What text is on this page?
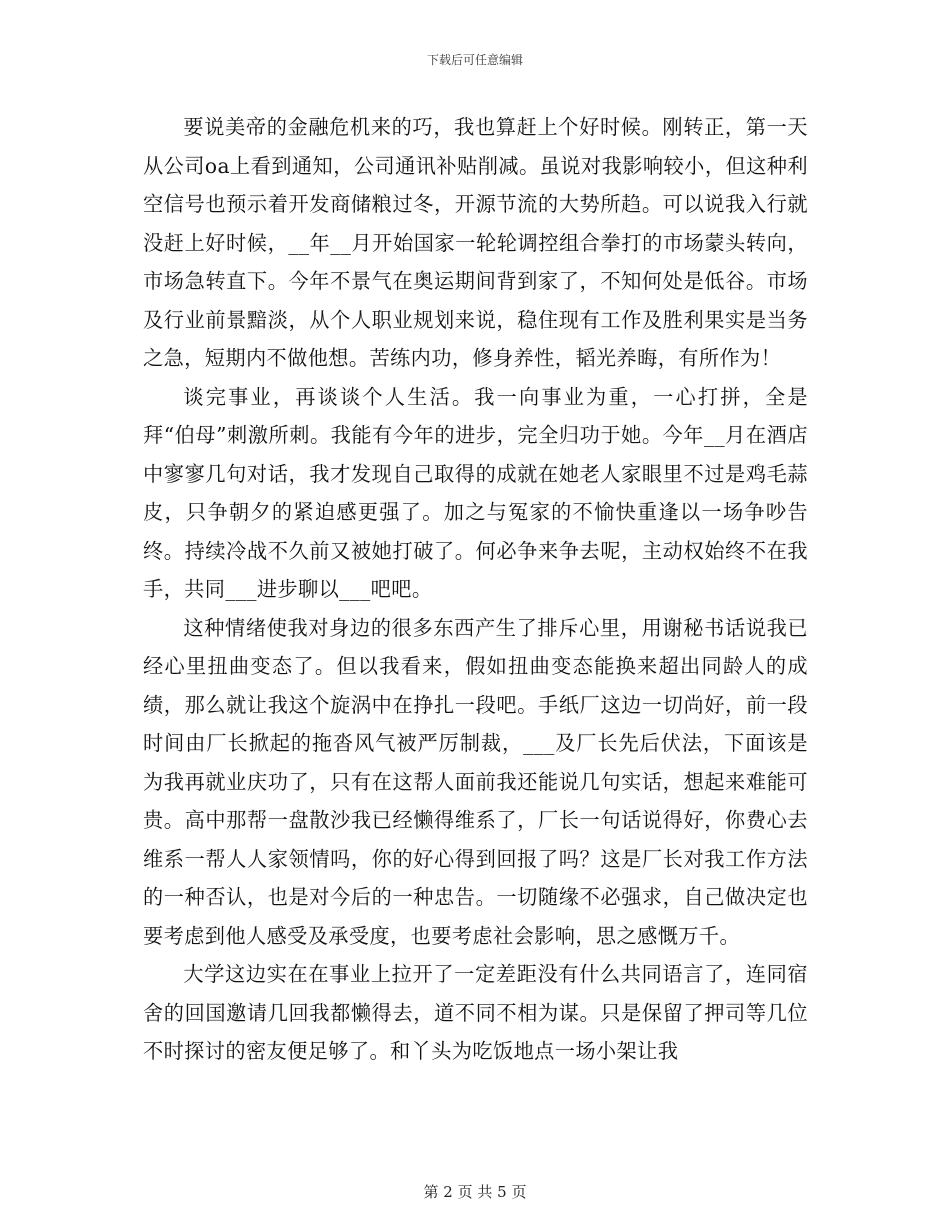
下载后可任意编辑

要说美帝的金融危机来的巧，我也算赶上个好时候。刚转正，第一天从公司oa上看到通知，公司通讯补贴削减。虽说对我影响较小，但这种利空信号也预示着开发商储粮过冬，开源节流的大势所趋。可以说我入行就没赶上好时候，__年__月开始国家一轮轮调控组合拳打的市场蒙头转向，市场急转直下。今年不景气在奥运期间背到家了，不知何处是低谷。市场及行业前景黯淡，从个人职业规划来说，稳住现有工作及胜利果实是当务之急，短期内不做他想。苦练内功，修身养性，韬光养晦，有所作为！

谈完事业，再谈谈个人生活。我一向事业为重，一心打拼，全是拜“伯母”刺激所刺。我能有今年的进步，完全归功于她。今年__月在酒店中寥寥几句对话，我才发现自己取得的成就在她老人家眼里不过是鸡毛蒜皮，只争朝夕的紧迫感更强了。加之与冤家的不愉快重逢以一场争吵告终。持续冷战不久前又被她打破了。何必争来争去呢，主动权始终不在我手，共同___进步聊以___吧吧。

这种情绪使我对身边的很多东西产生了排斥心里，用谢秘书话说我已经心里扭曲变态了。但以我看来，假如扭曲变态能换来超出同龄人的成绩，那么就让我这个旋涡中在挣扎一段吧。手纸厂这边一切尚好，前一段时间由厂长掀起的拖沓风气被严厉制裁，___及厂长先后伏法，下面该是为我再就业庆功了，只有在这帮人面前我还能说几句实话，想起来难能可贵。高中那帮一盘散沙我已经懒得维系了，厂长一句话说得好，你费心去维系一帮人人家领情吗，你的好心得到回报了吗？这是厂长对我工作方法的一种否认，也是对今后的一种忠告。一切随缘不必强求，自己做决定也要考虑到他人感受及承受度，也要考虑社会影响，思之感慨万千。

大学这边实在在事业上拉开了一定差距没有什么共同语言了，连同宿舍的回国邀请几回我都懒得去，道不同不相为谋。只是保留了押司等几位不时探讨的密友便足够了。和丫头为吃饭地点一场小架让我

第 2 页 共 5 页
